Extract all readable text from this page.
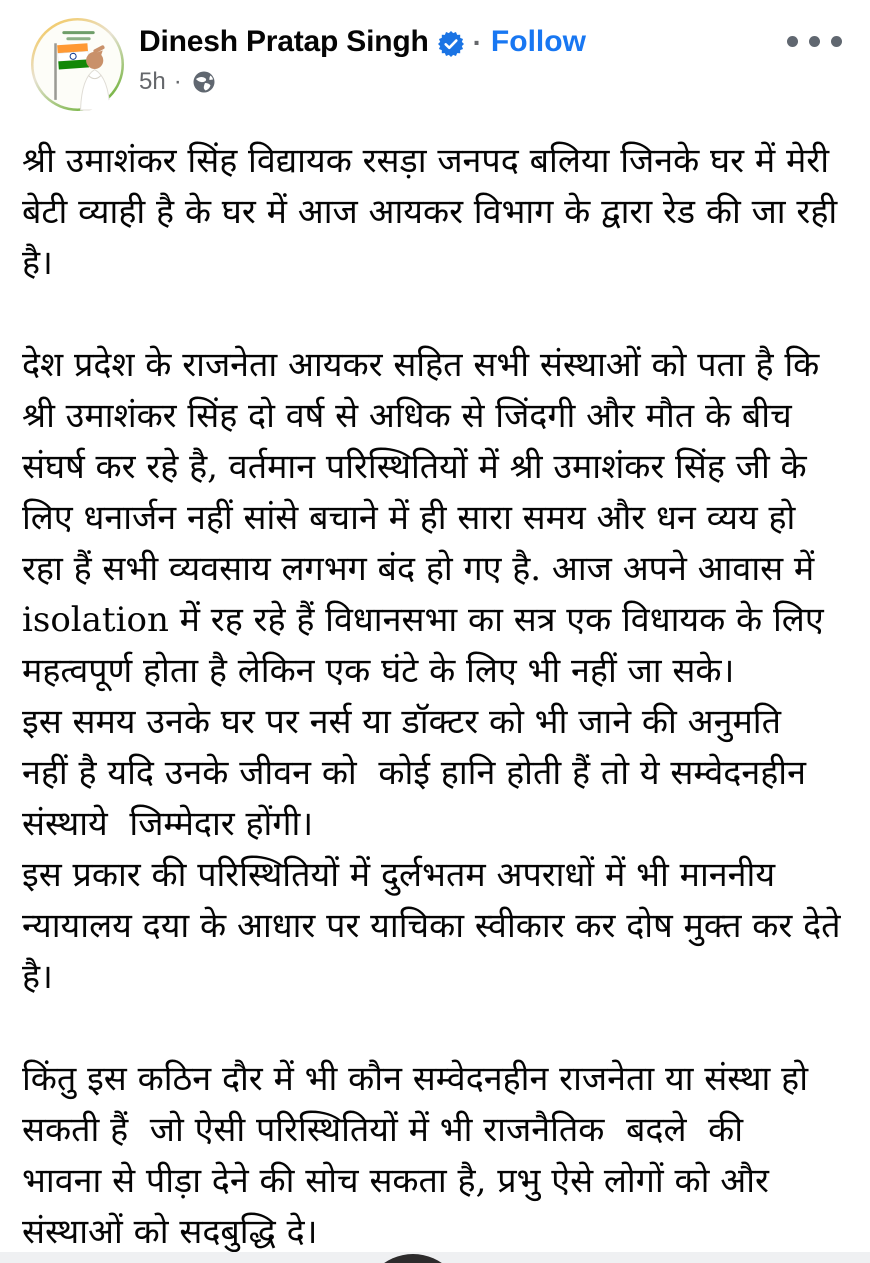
Dinesh Pratap Singh · Follow
5h ·
श्री उमाशंकर सिंह विद्यायक रसड़ा जनपद बलिया जिनके घर में मेरी
बेटी व्याही है के घर में आज आयकर विभाग के द्वारा रेड की जा रही
है।
देश प्रदेश के राजनेता आयकर सहित सभी संस्थाओं को पता है कि
श्री उमाशंकर सिंह दो वर्ष से अधिक से जिंदगी और मौत के बीच
संघर्ष कर रहे है, वर्तमान परिस्थितियों में श्री उमाशंकर सिंह जी के
लिए धनार्जन नहीं सांसे बचाने में ही सारा समय और धन व्यय हो
रहा हैं सभी व्यवसाय लगभग बंद हो गए है. आज अपने आवास में
isolation में रह रहे हैं विधानसभा का सत्र एक विधायक के लिए
महत्वपूर्ण होता है लेकिन एक घंटे के लिए भी नहीं जा सके।
इस समय उनके घर पर नर्स या डॉक्टर को भी जाने की अनुमति
नहीं है यदि उनके जीवन को  कोई हानि होती हैं तो ये सम्वेदनहीन
संस्थाये  जिम्मेदार होंगी।
इस प्रकार की परिस्थितियों में दुर्लभतम अपराधों में भी माननीय
न्यायालय दया के आधार पर याचिका स्वीकार कर दोष मुक्त कर देते
है।
किंतु इस कठिन दौर में भी कौन सम्वेदनहीन राजनेता या संस्था हो
सकती हैं  जो ऐसी परिस्थितियों में भी राजनैतिक  बदले  की
भावना से पीड़ा देने की सोच सकता है, प्रभु ऐसे लोगों को और
संस्थाओं को सदबुद्धि दे।
